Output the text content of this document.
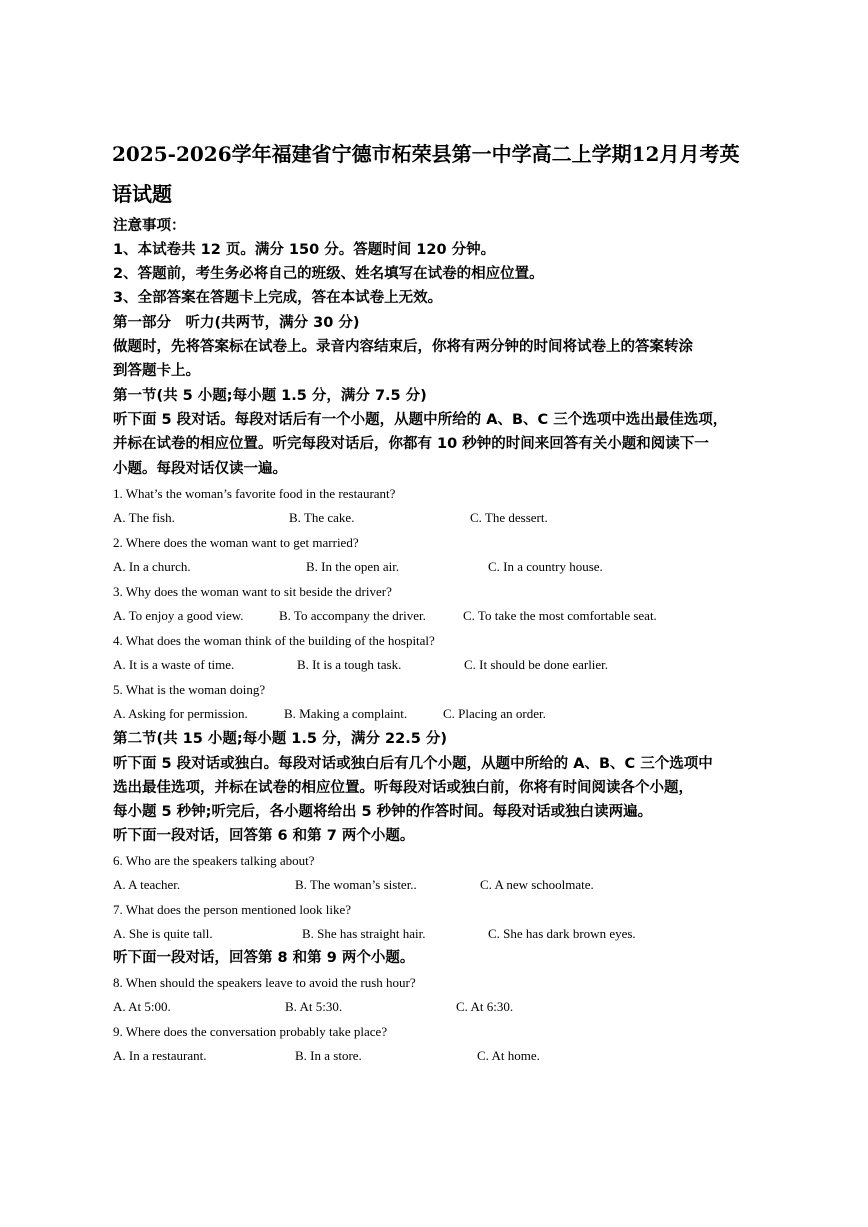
2025-2026学年福建省宁德市柘荣县第一中学高二上学期12月月考英
语试题
注意事项：
1、本试卷共 12 页。满分 150 分。答题时间 120 分钟。
2、答题前，考生务必将自己的班级、姓名填写在试卷的相应位置。
3、全部答案在答题卡上完成，答在本试卷上无效。
第一部分　听力(共两节，满分 30 分)
做题时，先将答案标在试卷上。录音内容结束后，你将有两分钟的时间将试卷上的答案转涂
到答题卡上。
第一节(共 5 小题;每小题 1.5 分，满分 7.5 分)
听下面 5 段对话。每段对话后有一个小题，从题中所给的 A、B、C 三个选项中选出最佳选项，
并标在试卷的相应位置。听完每段对话后，你都有 10 秒钟的时间来回答有关小题和阅读下一
小题。每段对话仅读一遍。
1. What’s the woman’s favorite food in the restaurant?
A. The fish.	B. The cake.	C. The dessert.
2. Where does the woman want to get married?
A. In a church.	B. In the open air.	C. In a country house.
3. Why does the woman want to sit beside the driver?
A. To enjoy a good view.	B. To accompany the driver.	C. To take the most comfortable seat.
4. What does the woman think of the building of the hospital?
A. It is a waste of time.	B. It is a tough task.	C. It should be done earlier.
5. What is the woman doing?
A. Asking for permission.	B. Making a complaint.	C. Placing an order.
第二节(共 15 小题;每小题 1.5 分，满分 22.5 分)
听下面 5 段对话或独白。每段对话或独白后有几个小题，从题中所给的 A、B、C 三个选项中
选出最佳选项，并标在试卷的相应位置。听每段对话或独白前，你将有时间阅读各个小题，
每小题 5 秒钟;听完后，各小题将给出 5 秒钟的作答时间。每段对话或独白读两遍。
听下面一段对话，回答第 6 和第 7 两个小题。
6. Who are the speakers talking about?
A. A teacher.	B. The woman’s sister..	C. A new schoolmate.
7. What does the person mentioned look like?
A. She is quite tall.	B. She has straight hair.	C. She has dark brown eyes.
听下面一段对话，回答第 8 和第 9 两个小题。
8. When should the speakers leave to avoid the rush hour?
A. At 5:00.	B. At 5:30.	C. At 6:30.
9. Where does the conversation probably take place?
A. In a restaurant.	B. In a store.	C. At home.
